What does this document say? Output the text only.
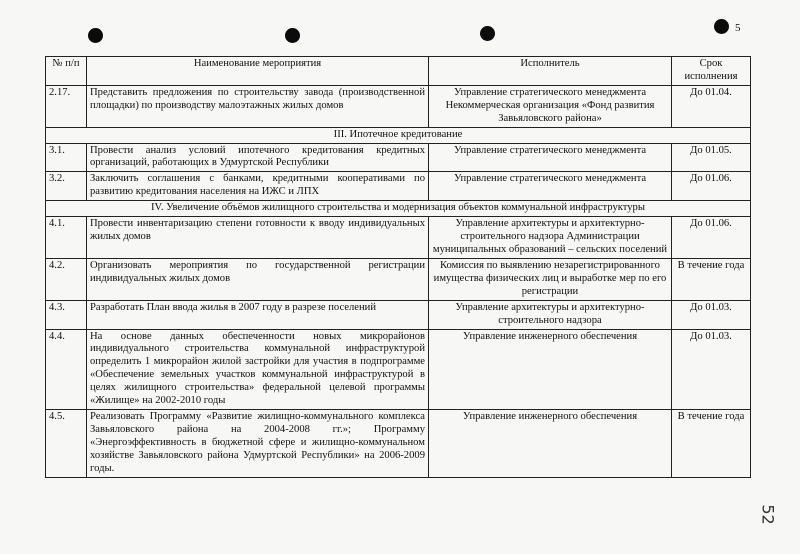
5
52
№ п/п	Наименование мероприятия	Исполнитель	Срок исполнения
2.17.	Представить предложения по строительству завода (производственной площадки) по производству малоэтажных жилых домов	Управление стратегического менеджмента Некоммерческая организация «Фонд развития Завьяловского района»	До 01.04.
III. Ипотечное кредитование			
3.1.	Провести анализ условий ипотечного кредитования кредитных организаций, работающих в Удмуртской Республики	Управление стратегического менеджмента	До 01.05.
3.2.	Заключить соглашения с банками, кредитными кооперативами по развитию кредитования населения на ИЖС и ЛПХ	Управление стратегического менеджмента	До 01.06.
IV. Увеличение объёмов жилищного строительства и модернизация объектов коммунальной инфраструктуры			
4.1.	Провести инвентаризацию степени готовности к вводу индивидуальных жилых домов	Управление архитектуры и архитектурно-строительного надзора Администрации муниципальных образований – сельских поселений	До 01.06.
4.2.	Организовать мероприятия по государственной регистрации индивидуальных жилых домов	Комиссия по выявлению незарегистрированного имущества физических лиц и выработке мер по его регистрации	В течение года
4.3.	Разработать План ввода жилья в 2007 году в разрезе поселений	Управление архитектуры и архитектурно-строительного надзора	До 01.03.
4.4.	На основе данных обеспеченности новых микрорайонов индивидуального строительства коммунальной инфраструктурой определить 1 микрорайон жилой застройки для участия в подпрограмме «Обеспечение земельных участков коммунальной инфраструктурой в целях жилищного строительства» федеральной целевой программы «Жилище» на 2002-2010 годы	Управление инженерного обеспечения	До 01.03.
4.5.	Реализовать Программу «Развитие жилищно-коммунального комплекса Завьяловского района на 2004-2008 гг.»; Программу «Энергоэффективность в бюджетной сфере и жилищно-коммунальном хозяйстве Завьяловского района Удмуртской Республики» на 2006-2009 годы.	Управление инженерного обеспечения	В течение года
